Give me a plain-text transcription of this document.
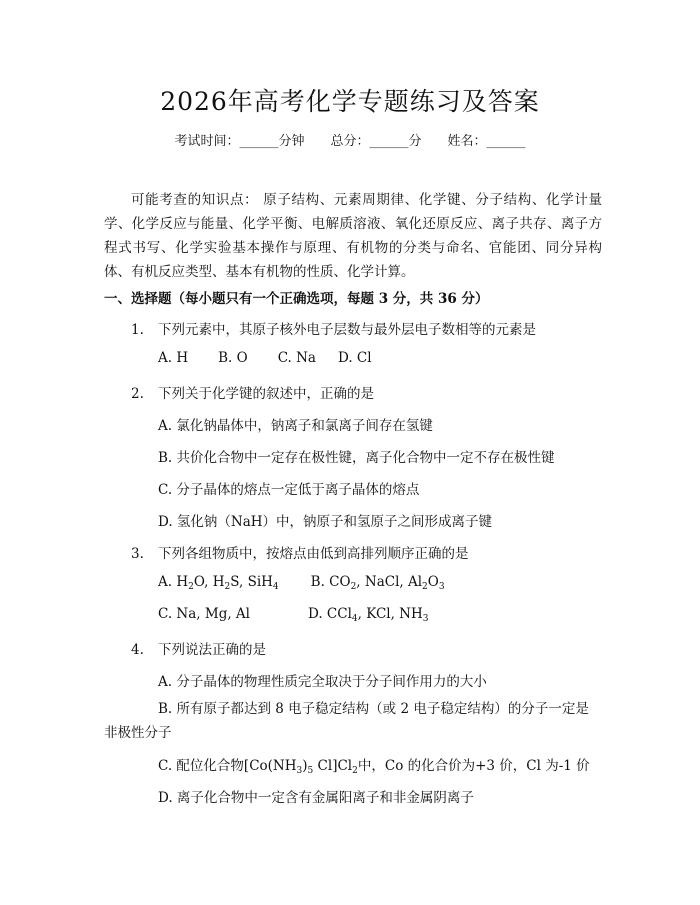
2026年高考化学专题练习及答案
考试时间：______分钟 总分：______分 姓名：______
可能考查的知识点： 原子结构、元素周期律、化学键、分子结构、化学计量学、化学反应与能量、化学平衡、电解质溶液、氧化还原反应、离子共存、离子方程式书写、化学实验基本操作与原理、有机物的分类与命名、官能团、同分异构体、有机反应类型、基本有机物的性质、化学计算。
一、选择题（每小题只有一个正确选项，每题 3 分，共 36 分）
1. 下列元素中，其原子核外电子层数与最外层电子数相等的元素是
A. H B. O C. Na D. Cl
2. 下列关于化学键的叙述中，正确的是
A. 氯化钠晶体中，钠离子和氯离子间存在氢键
B. 共价化合物中一定存在极性键，离子化合物中一定不存在极性键
C. 分子晶体的熔点一定低于离子晶体的熔点
D. 氢化钠（NaH）中，钠原子和氢原子之间形成离子键
3. 下列各组物质中，按熔点由低到高排列顺序正确的是
A. $H_2O$, $H_2S$, SiH$_4$ B. $CO_2$, NaCl, $Al_2O_3$
C. Na, Mg, Al	D. CCl$_4$, KCl, $NH_3$
4. 下列说法正确的是
A. 分子晶体的物理性质完全取决于分子间作用力的大小
B. 所有原子都达到 8 电子稳定结构（或 2 电子稳定结构）的分子一定是非极性分子
C. 配位化合物[$Co(NH_3)_5$ $Cl]Cl_2$中，Co 的化合价为+3 价，Cl 为-1 价
D. 离子化合物中一定含有金属阳离子和非金属阴离子
